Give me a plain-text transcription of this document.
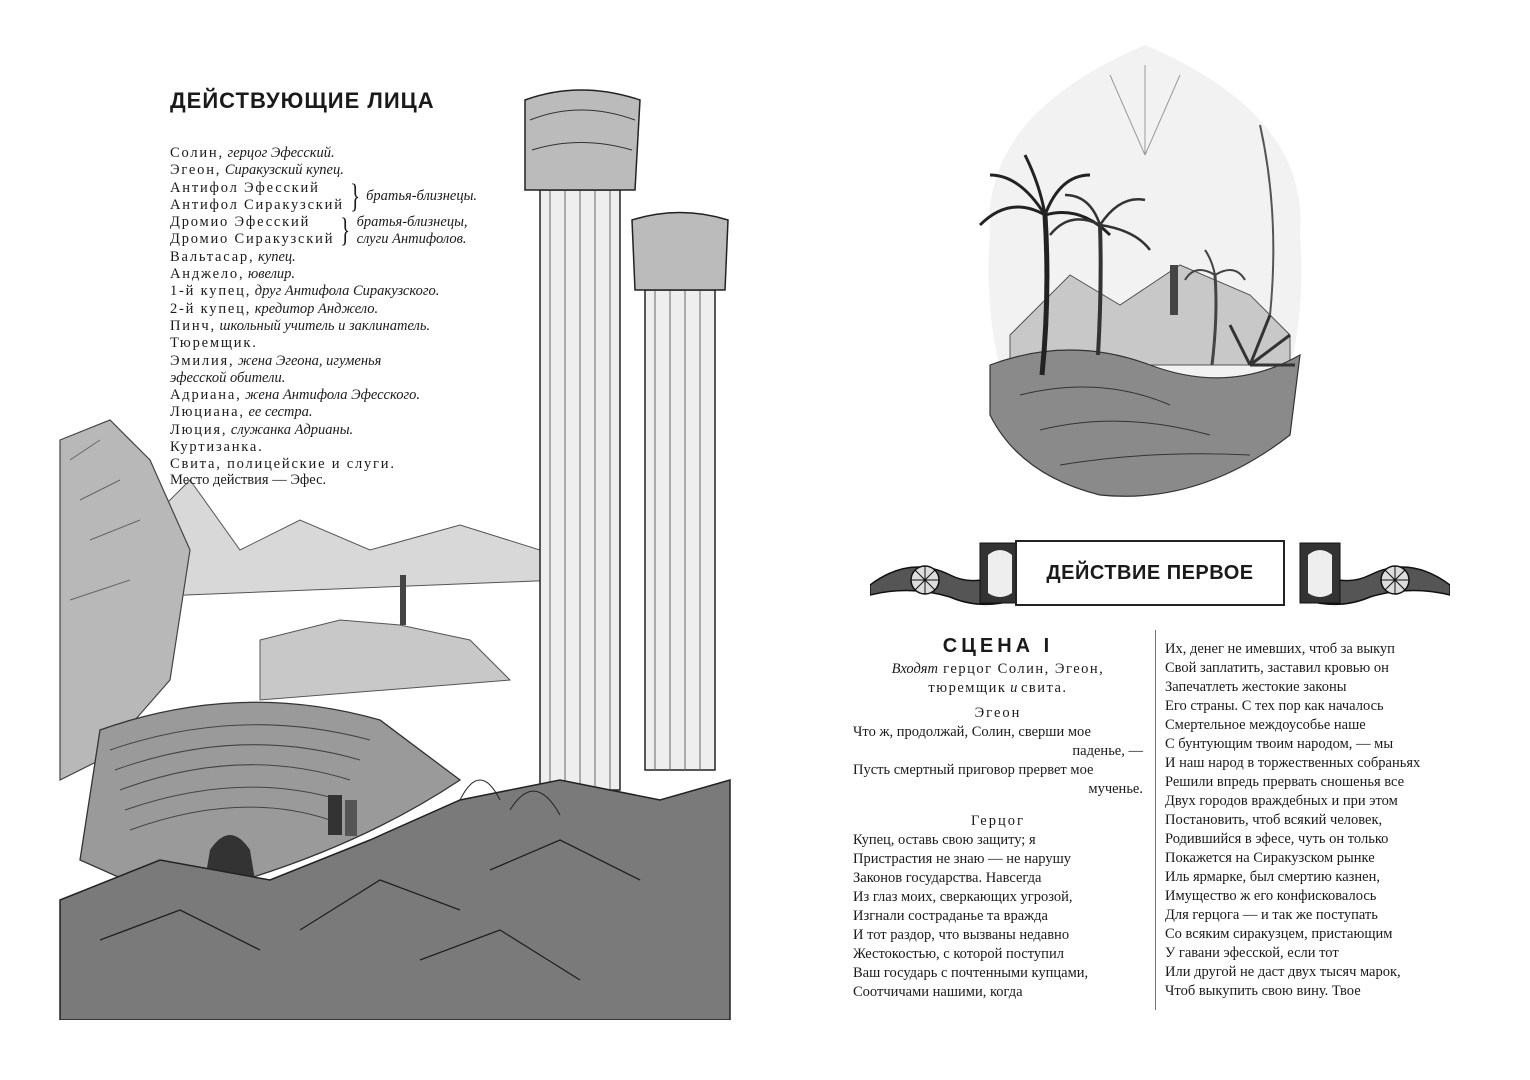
ДЕЙСТВУЮЩИЕ ЛИЦА
Солин, герцог Эфесский.
Эгеон, Сиракузский купец.
Антифол Эфесский
Антифол Сиракузский } братья-близнецы.
Дромио Эфесский
Дромио Сиракузский } братья-близнецы,
слуги Антифолов.
Вальтасар, купец.
Анджело, ювелир.
1-й купец, друг Антифола Сиракузского.
2-й купец, кредитор Анджело.
Пинч, школьный учитель и заклинатель.
Тюремщик.
Эмилия, жена Эгеона, игуменья
эфесской обители.
Адриана, жена Антифола Эфесского.
Люциана, ее сестра.
Люция, служанка Адрианы.
Куртизанка.
Свита, полицейские и слуги.

Место действия — Эфес.

ДЕЙСТВИЕ ПЕРВОЕ
СЦЕНА I

Входят герцог Солин, Эгеон,
тюремщик и свита.

Эгеон

Что ж, продолжай, Солин, сверши мое

паденье, —

Пусть смертный приговор прервет мое

мученье.

Герцог

Купец, оставь свою защиту; я

Пристрастия не знаю — не нарушу

Законов государства. Навсегда

Из глаз моих, сверкающих угрозой,

Изгнали сострадань​е та вражда

И тот раздор, что вызваны недавно

Жестокостью, с которой поступил

Ваш государь с почтенными купцами,

Соотчичами нашими, когда

Их, денег не имевших, чтоб за выкуп

Свой заплатить, заставил кровью он

Запечатлеть жестокие законы

Его страны. С тех пор как началось

Смертельное междоусобье наше

С бунтующим твоим народом, — мы

И наш народ в торжественных собраньях

Решили впредь прервать сношенья все

Двух городов враждебных и при этом

Постановить, чтоб всякий человек,

Родившийся в эфесе, чуть он только

Покажется на Сиракузском рынке

Иль ярмарке, был смертию казнен,

Имущество ж его конфисковалось

Для герцога — и так же поступать

Со всяким сиракузцем, пристающим

У гавани эфесской, если тот

Или другой не даст двух тысяч марок,

Чтоб выкупить свою вину. Твое
